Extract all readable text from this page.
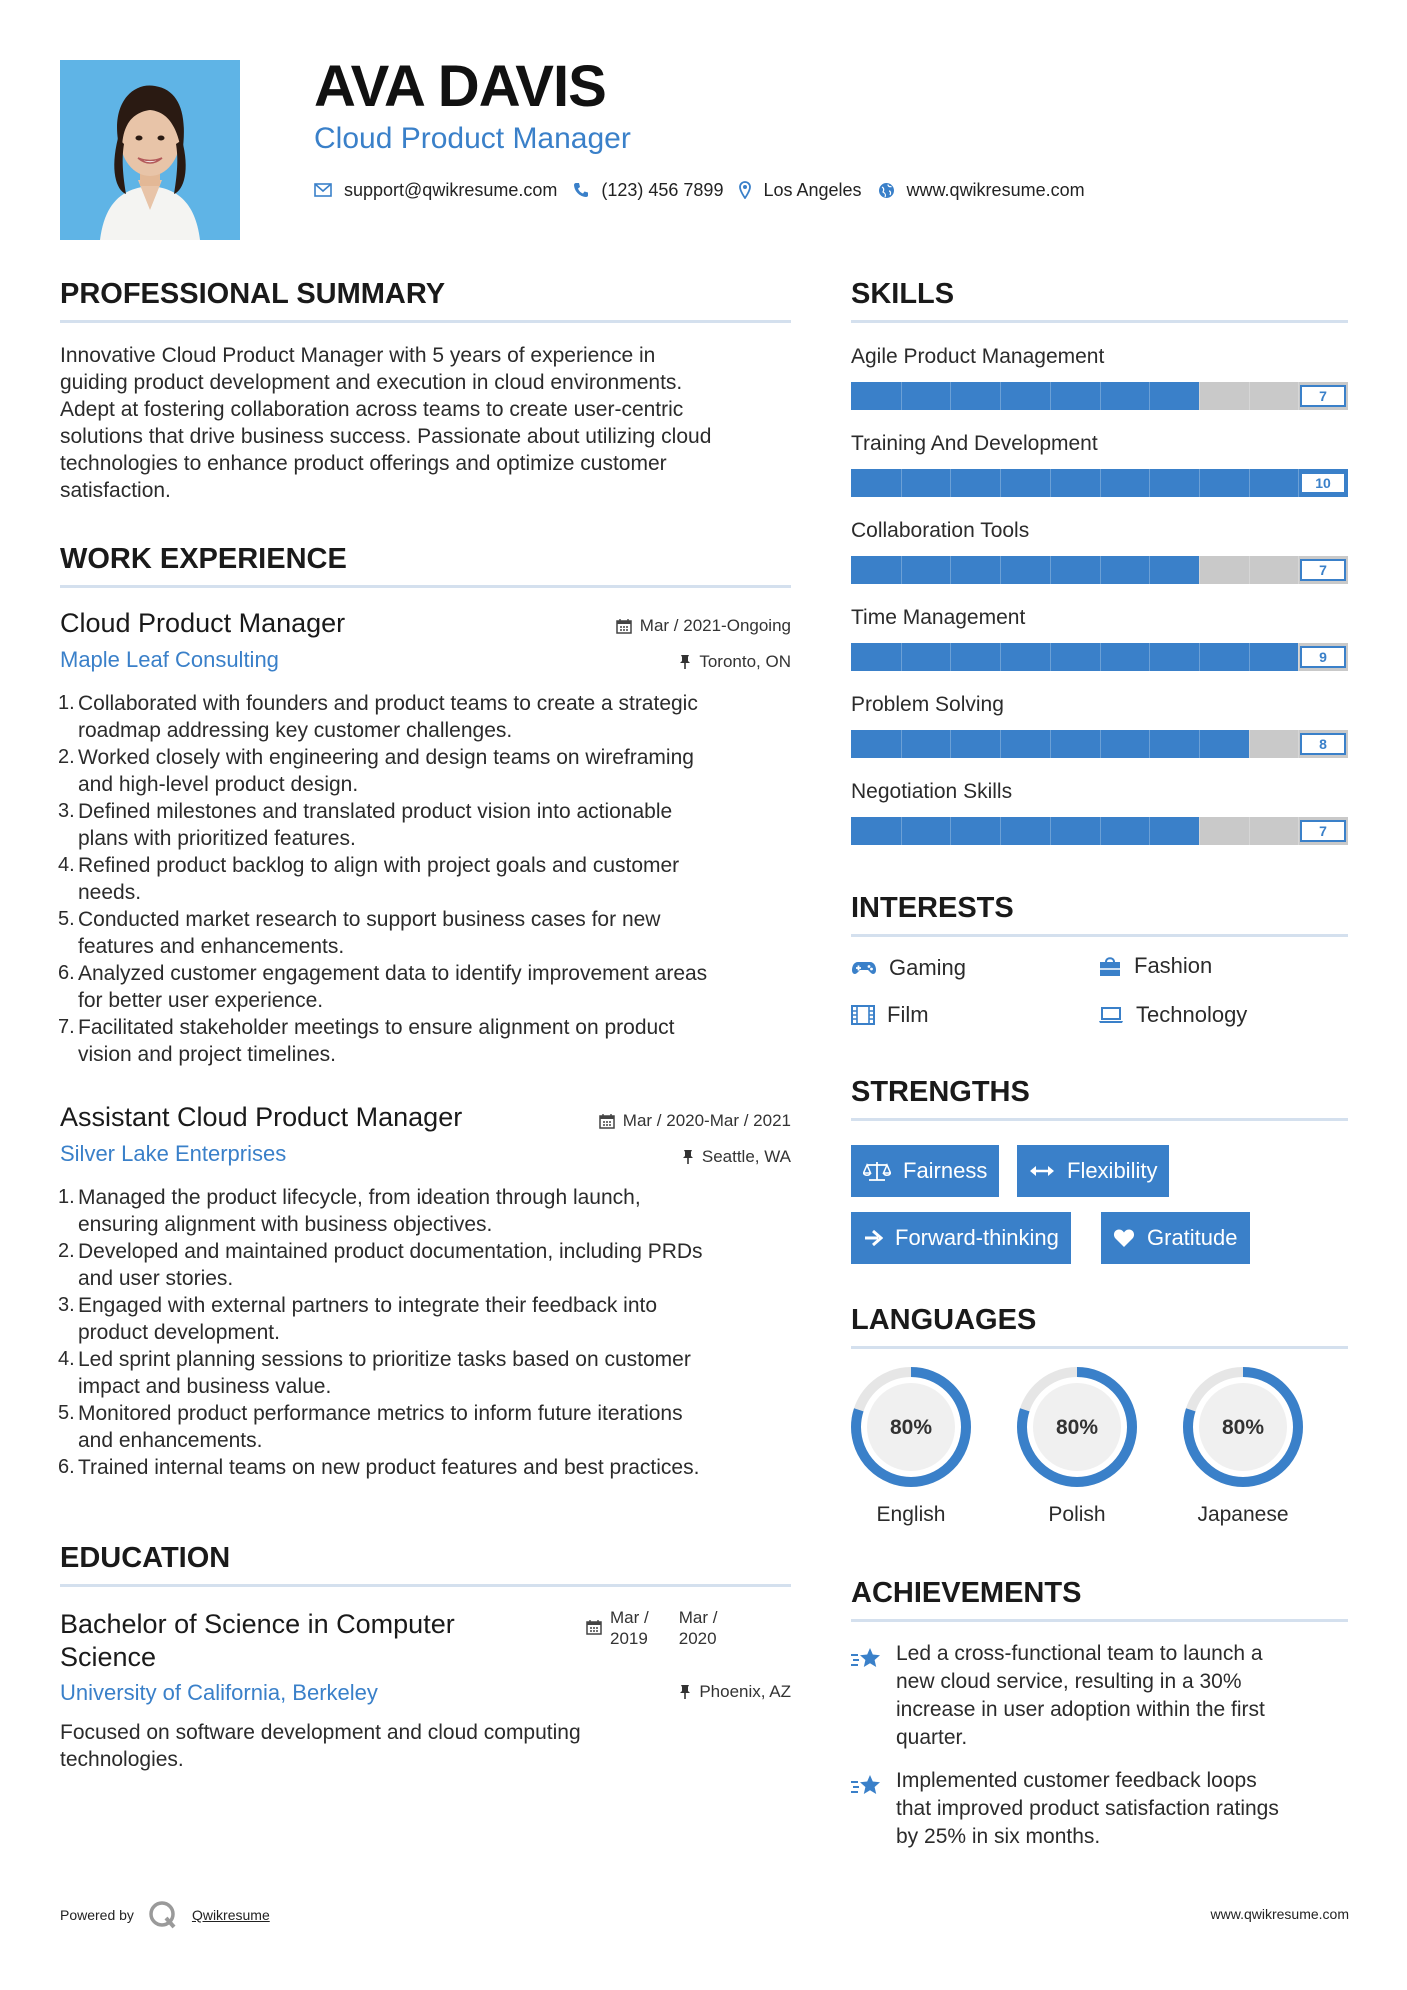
AVA DAVIS
Cloud Product Manager
support@qwikresume.com (123) 456 7899 Los Angeles	www.qwikresume.com
PROFESSIONAL SUMMARY
Innovative Cloud Product Manager with 5 years of experience in
guiding product development and execution in cloud environments.
Adept at fostering collaboration across teams to create user-centric
solutions that drive business success. Passionate about utilizing cloud
technologies to enhance product offerings and optimize customer
satisfaction.
WORK EXPERIENCE
Cloud Product Manager
Maple Leaf Consulting
Mar / 2021-Ongoing
Toronto, ON
Collaborated with founders and product teams to create a strategic
roadmap addressing key customer challenges.
Worked closely with engineering and design teams on wireframing
and high-level product design.
Defined milestones and translated product vision into actionable
plans with prioritized features.
Refined product backlog to align with project goals and customer
needs.
Conducted market research to support business cases for new
features and enhancements.
Analyzed customer engagement data to identify improvement areas
for better user experience.
Facilitated stakeholder meetings to ensure alignment on product
vision and project timelines.
Assistant Cloud Product Manager
Silver Lake Enterprises
Mar / 2020-Mar / 2021
Seattle, WA
Managed the product lifecycle, from ideation through launch,
ensuring alignment with business objectives.
Developed and maintained product documentation, including PRDs
and user stories.
Engaged with external partners to integrate their feedback into
product development.
Led sprint planning sessions to prioritize tasks based on customer
impact and business value.
Monitored product performance metrics to inform future iterations
and enhancements.
Trained internal teams on new product features and best practices.
EDUCATION
Bachelor of Science in Computer
Science
University of California, Berkeley
Mar /
2019
Mar /
2020
Phoenix, AZ
Focused on software development and cloud computing
technologies.
SKILLS
Agile Product Management
7
Training And Development
10
Collaboration Tools
7
Time Management
9
Problem Solving
8
Negotiation Skills
7
INTERESTS
Gaming	Fashion
Film	Technology
STRENGTHS
Fairness	Flexibility
Forward-thinking	Gratitude
LANGUAGES
80%
English
80%
Polish
80%
Japanese
ACHIEVEMENTS
Led a cross-functional team to launch a
new cloud service, resulting in a 30%
increase in user adoption within the first
quarter.
Implemented customer feedback loops
that improved product satisfaction ratings
by 25% in six months.
Powered by	Qwikresume	www.qwikresume.com
